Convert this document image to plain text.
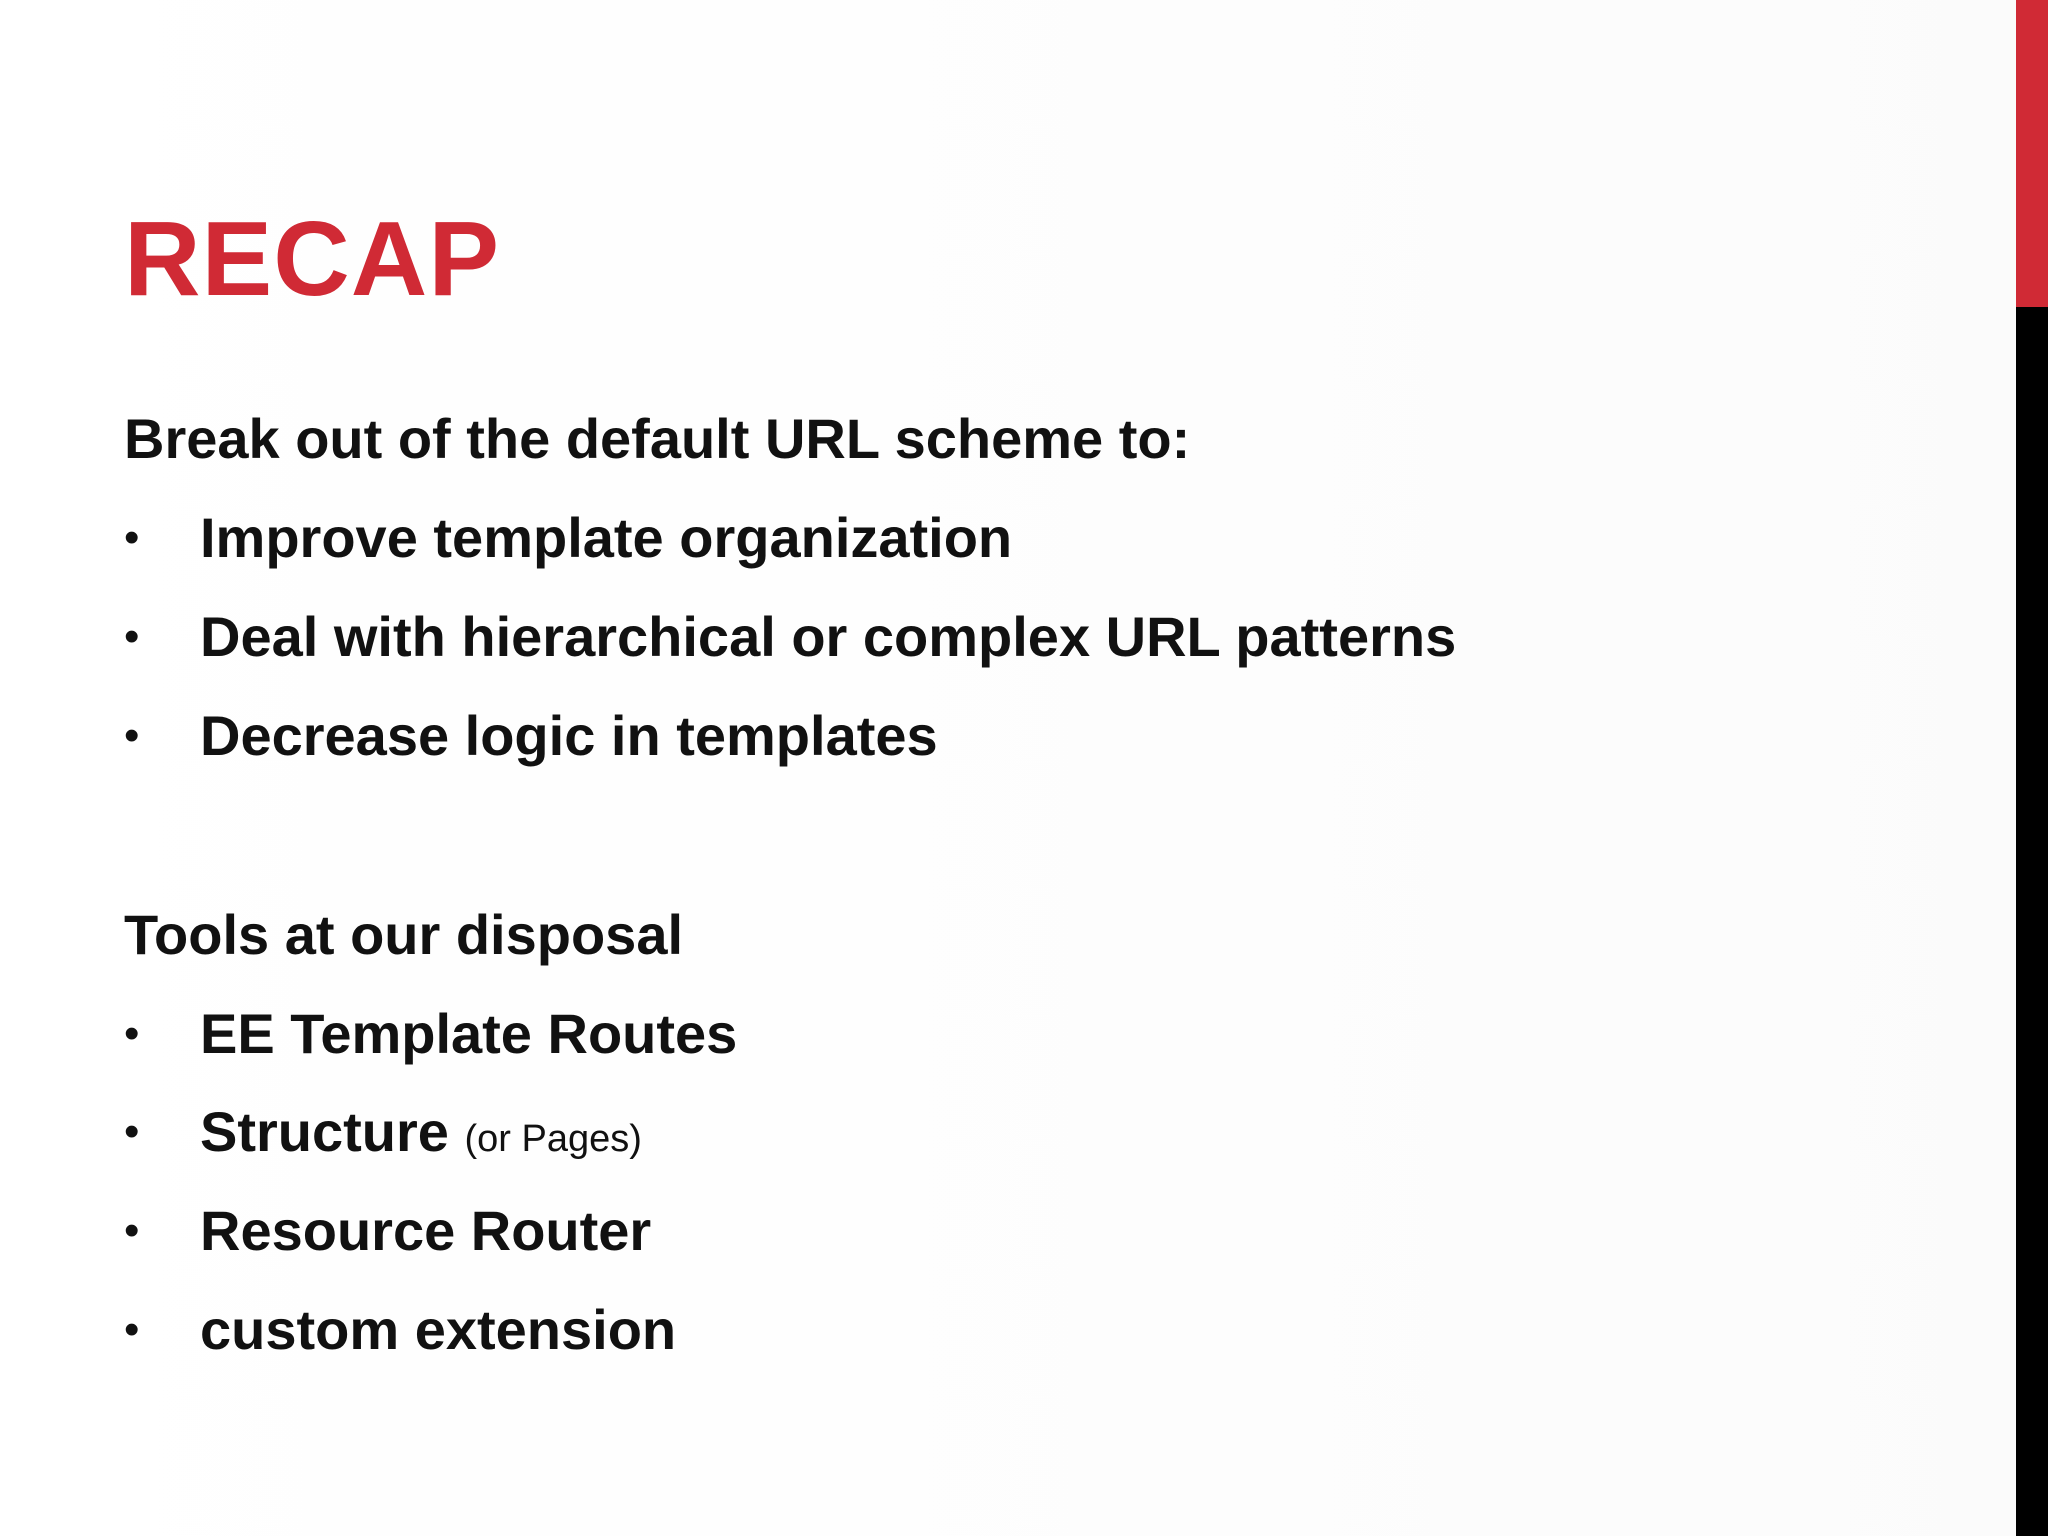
RECAP
Break out of the default URL scheme to:
• Improve template organization
• Deal with hierarchical or complex URL patterns
• Decrease logic in templates
Tools at our disposal
• EE Template Routes
• Structure (or Pages)
• Resource Router
• custom extension
